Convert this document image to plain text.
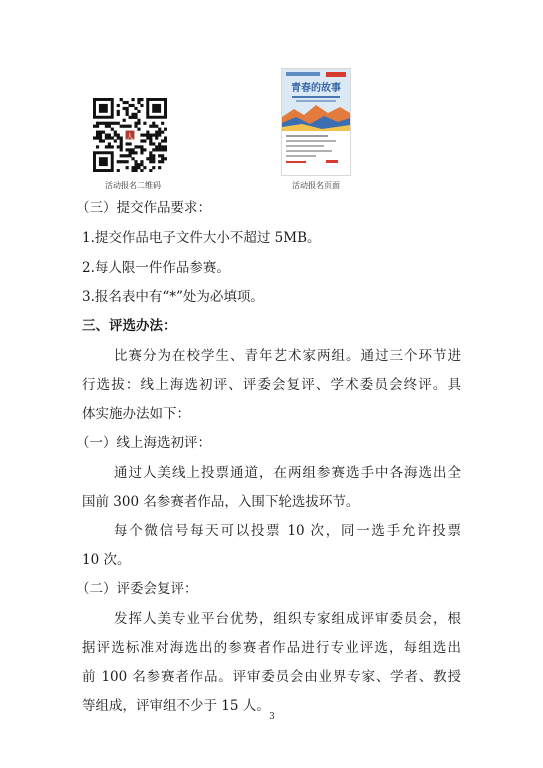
人
活动报名二维码
青春的故事
活动报名页面
（三）提交作品要求：
1.提交作品电子文件大小不超过 5MB。
2.每人限一件作品参赛。
3.报名表中有“*”处为必填项。
三、评选办法：
比赛分为在校学生、青年艺术家两组。通过三个环节进
行选拔：线上海选初评、评委会复评、学术委员会终评。具
体实施办法如下：
（一）线上海选初评：
通过人美线上投票通道，在两组参赛选手中各海选出全
国前 300 名参赛者作品，入围下轮选拔环节。
每个微信号每天可以投票 10 次，同一选手允许投票
10 次。
（二）评委会复评：
发挥人美专业平台优势，组织专家组成评审委员会，根
据评选标准对海选出的参赛者作品进行专业评选，每组选出
前 100 名参赛者作品。评审委员会由业界专家、学者、教授
等组成，评审组不少于 15 人。
3
